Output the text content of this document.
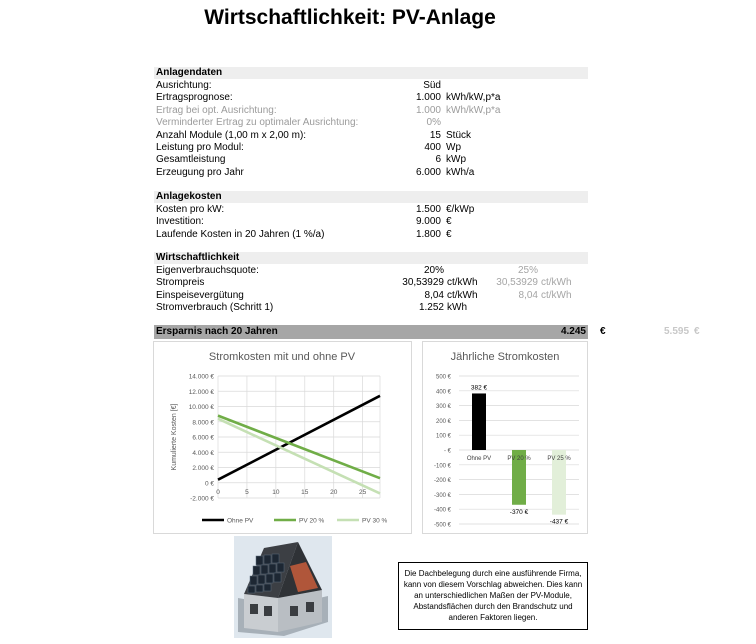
Wirtschaftlichkeit: PV-Anlage
Anlagendaten
Ausrichtung:	Süd
Ertragsprognose:	1.000 kWh/kW,p*a
Ertrag bei opt. Ausrichtung:	1.000 kWh/kW,p*a
Verminderter Ertrag zu optimaler Ausrichtung:	0%
Anzahl Module (1,00 m x 2,00 m):	15 Stück
Leistung pro Modul:	400 Wp
Gesamtleistung	6 kWp
Erzeugung pro Jahr	6.000 kWh/a
Anlagekosten
Kosten pro kW:	1.500 €/kWp
Investition:	9.000 €
Laufende Kosten in 20 Jahren (1 %/a)	1.800 €
Wirtschaftlichkeit
Eigenverbrauchsquote:	20%	25%
Strompreis	30,53929 ct/kWh	30,53929 ct/kWh
Einspeisevergütung	8,04 ct/kWh	8,04 ct/kWh
Stromverbrauch (Schritt 1)	1.252 kWh
Ersparnis nach 20 Jahren	4.245 €	5.595 €
Stromkosten mit und ohne PV
-2.000 €
0 €
2.000 €
4.000 €
6.000 €
8.000 €
10.000 €
12.000 €
14.000 €
0	5	10	15	20	25
Kumulierte Kosten [€]
Ohne PV	PV 20 %	PV 30 %
Jährliche Stromkosten
-500 €
-400 €
-300 €
-200 €
-100 €
- €
100 €
200 €
300 €
400 €
500 €
Ohne PV
382 €
PV 20 %
-370 €
PV 25 %
-437 €
Die Dachbelegung durch eine ausführende Firma, kann von diesem Vorschlag abweichen. Dies kann an unterschiedlichen Maßen der PV-Module, Abstandsflächen durch den Brandschutz und anderen Faktoren liegen.
